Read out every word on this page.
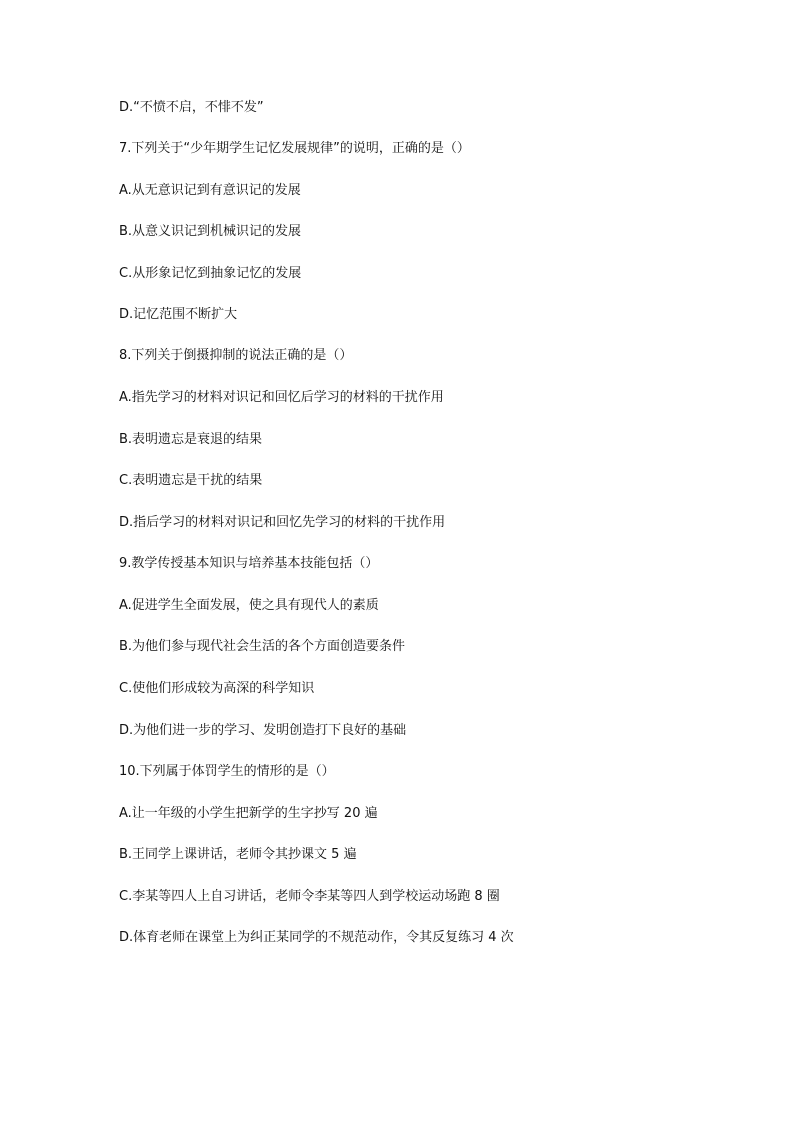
D.“不愤不启，不悱不发”
7.下列关于“少年期学生记忆发展规律”的说明，正确的是（）
A.从无意识记到有意识记的发展
B.从意义识记到机械识记的发展
C.从形象记忆到抽象记忆的发展
D.记忆范围不断扩大
8.下列关于倒摄抑制的说法正确的是（）
A.指先学习的材料对识记和回忆后学习的材料的干扰作用
B.表明遗忘是衰退的结果
C.表明遗忘是干扰的结果
D.指后学习的材料对识记和回忆先学习的材料的干扰作用
9.教学传授基本知识与培养基本技能包括（）
A.促进学生全面发展，使之具有现代人的素质
B.为他们参与现代社会生活的各个方面创造要条件
C.使他们形成较为高深的科学知识
D.为他们进一步的学习、发明创造打下良好的基础
10.下列属于体罚学生的情形的是（）
A.让一年级的小学生把新学的生字抄写 20 遍
B.王同学上课讲话，老师令其抄课文 5 遍
C.李某等四人上自习讲话，老师令李某等四人到学校运动场跑 8 圈
D.体育老师在课堂上为纠正某同学的不规范动作，令其反复练习 4 次
